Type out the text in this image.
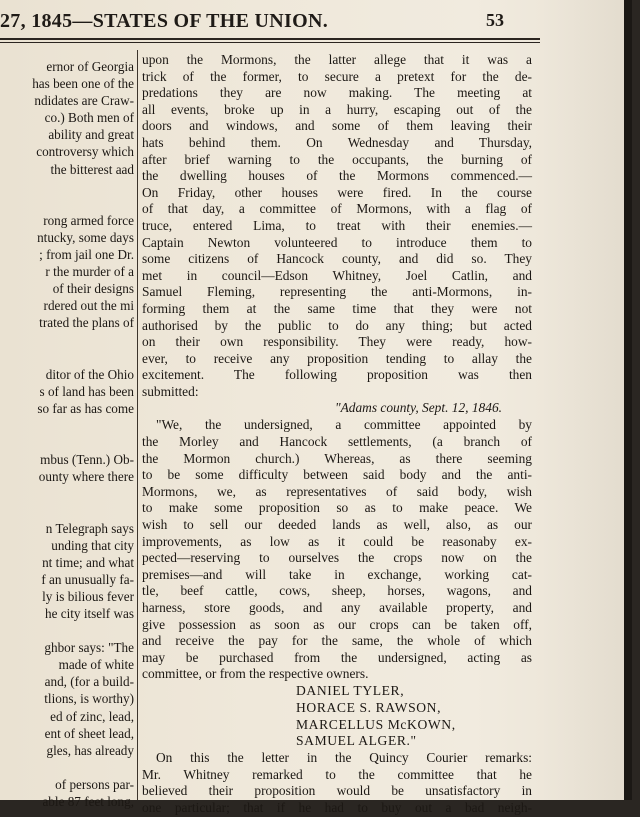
27, 1845—STATES OF THE UNION.	53
ernor of Georgia
has been one of the
ndidates are Craw-
co.) Both men of
ability and great
controversy which
the bitterest aad
rong armed force
ntucky, some days
; from jail one Dr.
r the murder of a
of their designs
rdered out the mi
trated the plans of
ditor of the Ohio
s of land has been
so far as has come
mbus (Tenn.) Ob-
ounty where there
n Telegraph says
unding that city
nt time; and what
f an unusually fa-
ly is bilious fever
he city itself was
ghbor says: "The
made of white
and, (for a build-
tlions, is worthy)
ed of zinc, lead,
ent of sheet lead,
gles, has already
of persons par-
able 87 feet long,
upon the Mormons, the latter allege that it was a
trick of the former, to secure a pretext for the de-
predations they are now making. The meeting at
all events, broke up in a hurry, escaping out of the
doors and windows, and some of them leaving their
hats behind them. On Wednesday and Thursday,
after brief warning to the occupants, the burning of
the dwelling houses of the Mormons commenced.—
On Friday, other houses were fired. In the course
of that day, a committee of Mormons, with a flag of
truce, entered Lima, to treat with their enemies.—
Captain Newton volunteered to introduce them to
some citizens of Hancock county, and did so. They
met in council—Edson Whitney, Joel Catlin, and
Samuel Fleming, representing the anti-Mormons, in-
forming them at the same time that they were not
authorised by the public to do any thing; but acted
on their own responsibility. They were ready, how-
ever, to receive any proposition tending to allay the
excitement. The following proposition was then
submitted:
"Adams county, Sept. 12, 1846.
"We, the undersigned, a committee appointed by
the Morley and Hancock settlements, (a branch of
the Mormon church.) Whereas, as there seeming
to be some difficulty between said body and the anti-
Mormons, we, as representatives of said body, wish
to make some proposition so as to make peace. We
wish to sell our deeded lands as well, also, as our
improvements, as low as it could be reasonaby ex-
pected—reserving to ourselves the crops now on the
premises—and will take in exchange, working cat-
tle, beef cattle, cows, sheep, horses, wagons, and
harness, store goods, and any available property, and
give possession as soon as our crops can be taken off,
and receive the pay for the same, the whole of which
may be purchased from the undersigned, acting as
committee, or from the respective owners.
DANIEL TYLER,
HORACE S. RAWSON,
MARCELLUS McKOWN,
SAMUEL ALGER."
On this the letter in the Quincy Courier remarks:
Mr. Whitney remarked to the committee that he
believed their proposition would be unsatisfactory in
one particular; that if he had to buy out a bad neigh-
